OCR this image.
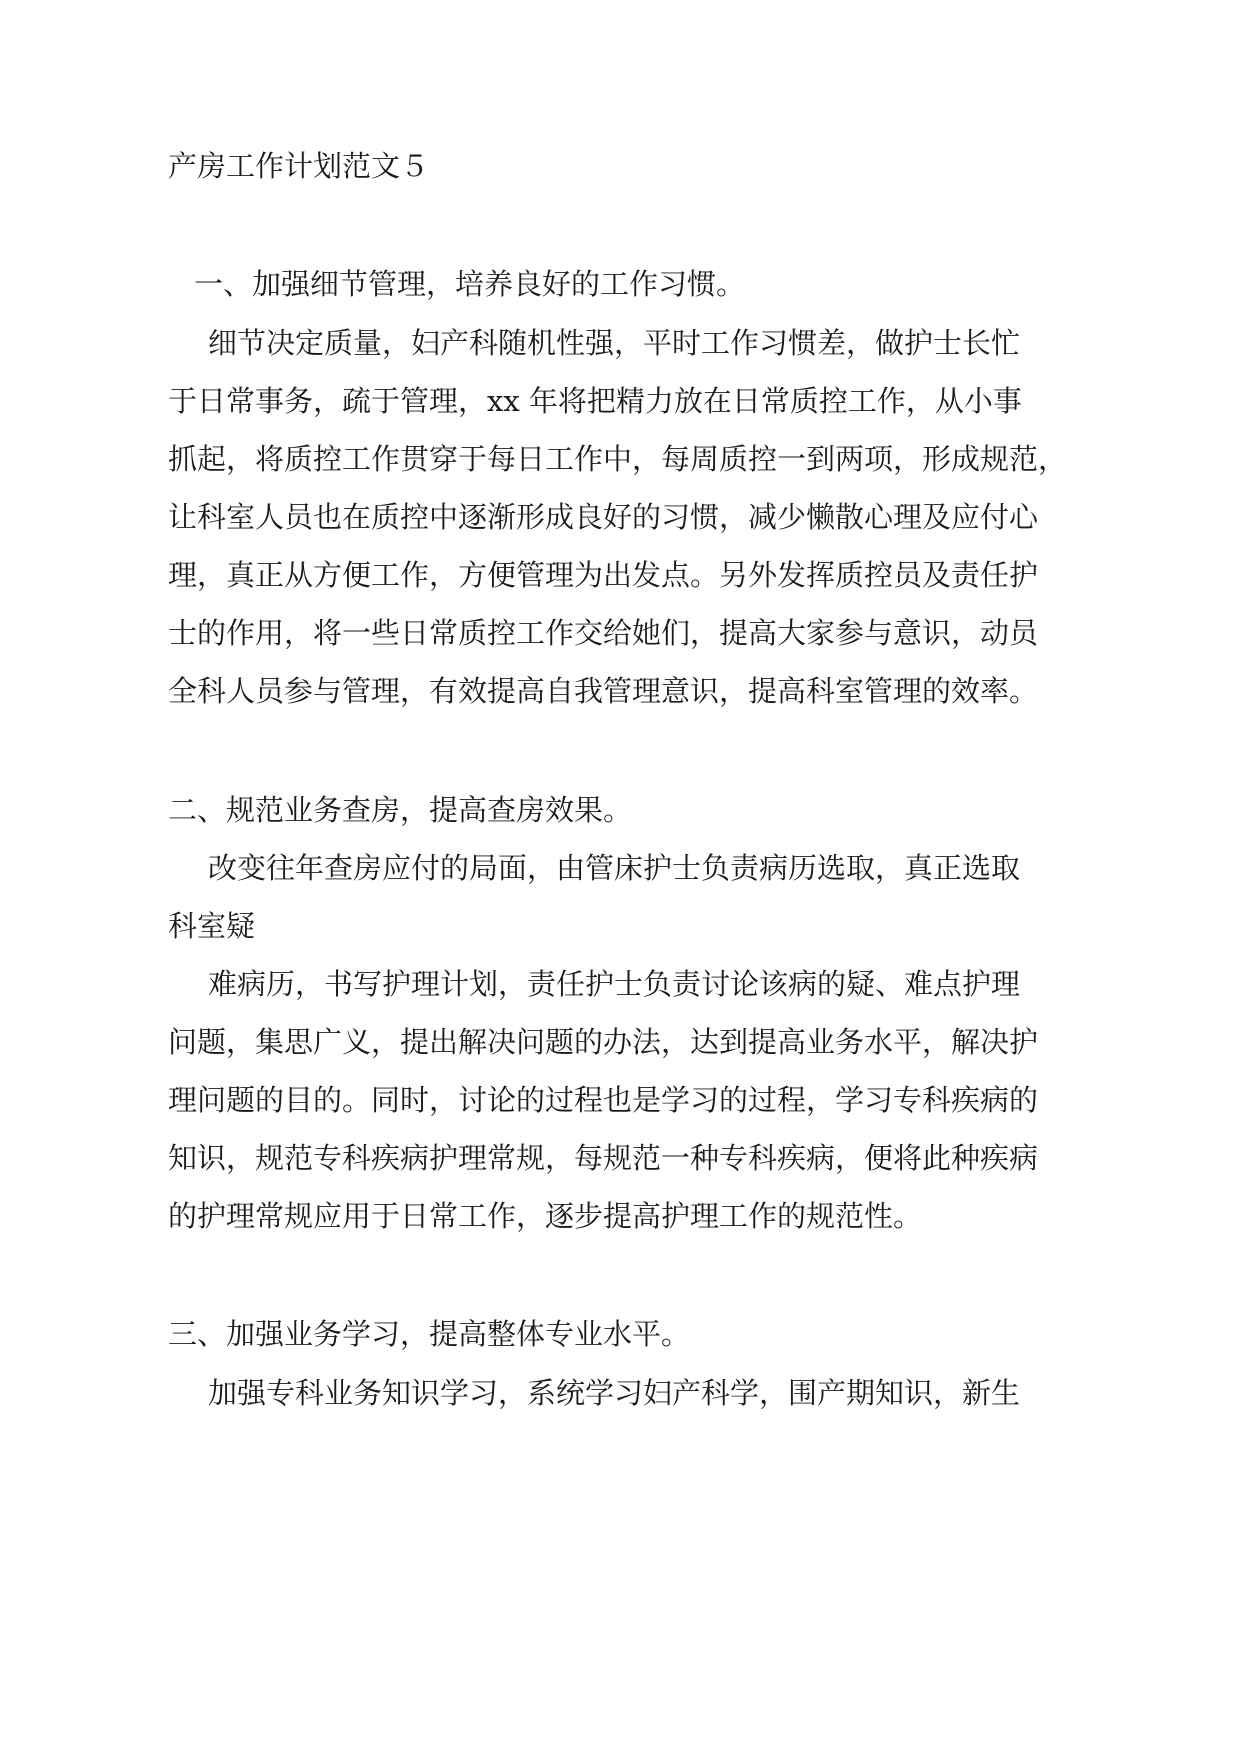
产房工作计划范文５

一、加强细节管理，培养良好的工作习惯。

细节决定质量，妇产科随机性强，平时工作习惯差，做护士长忙

于日常事务，疏于管理，xx 年将把精力放在日常质控工作，从小事

抓起，将质控工作贯穿于每日工作中，每周质控一到两项，形成规范，

让科室人员也在质控中逐渐形成良好的习惯，减少懒散心理及应付心

理，真正从方便工作，方便管理为出发点。另外发挥质控员及责任护

士的作用，将一些日常质控工作交给她们，提高大家参与意识，动员

全科人员参与管理，有效提高自我管理意识，提高科室管理的效率。

二、规范业务查房，提高查房效果。

改变往年查房应付的局面，由管床护士负责病历选取，真正选取

科室疑

难病历，书写护理计划，责任护士负责讨论该病的疑、难点护理

问题，集思广义，提出解决问题的办法，达到提高业务水平，解决护

理问题的目的。同时，讨论的过程也是学习的过程，学习专科疾病的

知识，规范专科疾病护理常规，每规范一种专科疾病，便将此种疾病

的护理常规应用于日常工作，逐步提高护理工作的规范性。

三、加强业务学习，提高整体专业水平。

加强专科业务知识学习，系统学习妇产科学，围产期知识，新生
